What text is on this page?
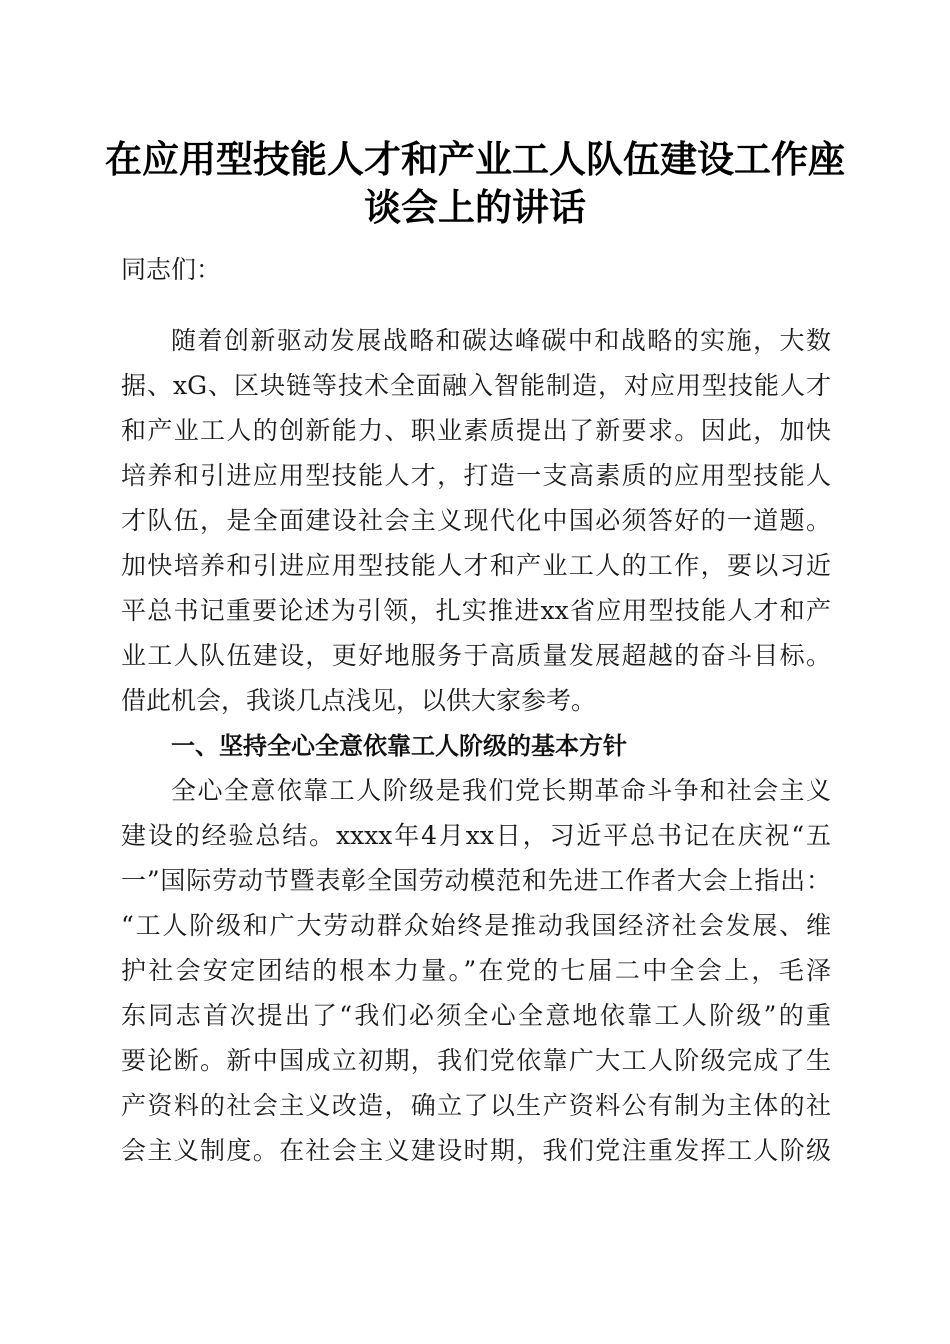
在应用型技能人才和产业工人队伍建设工作座
谈会上的讲话

同志们：

随着创新驱动发展战略和碳达峰碳中和战略的实施，大数

据、xG、区块链等技术全面融入智能制造，对应用型技能人才

和产业工人的创新能力、职业素质提出了新要求。因此，加快

培养和引进应用型技能人才，打造一支高素质的应用型技能人

才队伍，是全面建设社会主义现代化中国必须答好的一道题。

加快培养和引进应用型技能人才和产业工人的工作，要以习近

平总书记重要论述为引领，扎实推进xx省应用型技能人才和产

业工人队伍建设，更好地服务于高质量发展超越的奋斗目标。

借此机会，我谈几点浅见，以供大家参考。

一、坚持全心全意依靠工人阶级的基本方针

全心全意依靠工人阶级是我们党长期革命斗争和社会主义

建设的经验总结。xxxx年4月xx日，习近平总书记在庆祝“五

一”国际劳动节暨表彰全国劳动模范和先进工作者大会上指出：

“工人阶级和广大劳动群众始终是推动我国经济社会发展、维

护社会安定团结的根本力量。”在党的七届二中全会上，毛泽

东同志首次提出了“我们必须全心全意地依靠工人阶级”的重

要论断。新中国成立初期，我们党依靠广大工人阶级完成了生

产资料的社会主义改造，确立了以生产资料公有制为主体的社

会主义制度。在社会主义建设时期，我们党注重发挥工人阶级
